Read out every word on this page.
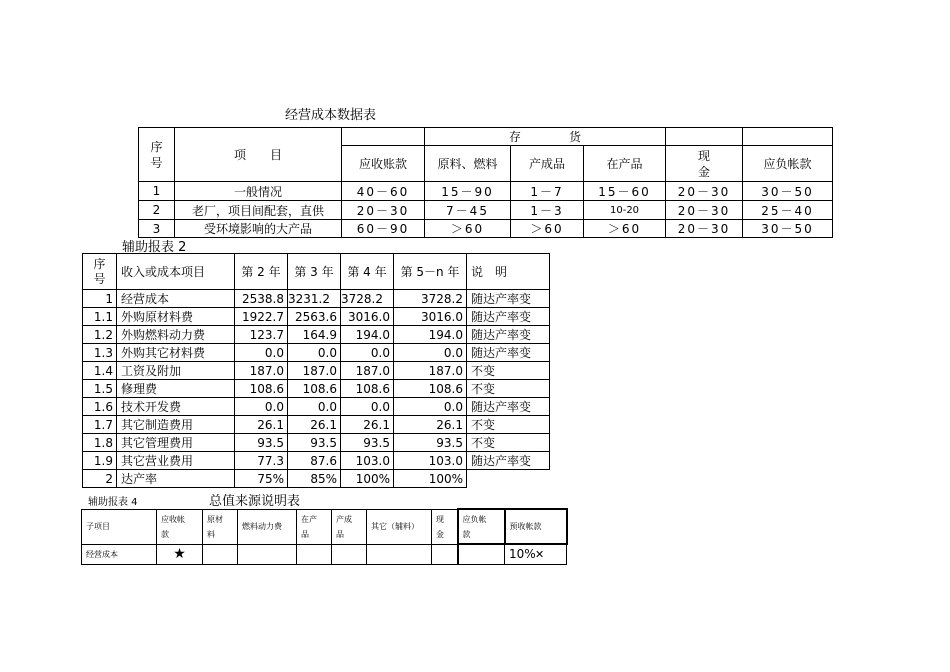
经营成本数据表
序
号	项　　目		存　　　　货				
		应收账款	原料、燃料	产成品	在产品	现
金	应负帐款
1	一般情况	40－60	15－90	1－7	15－60	20－30	30－50
2	老厂，项目间配套，直供	20－30	7－45	1－3	10-20	20－30	25－40
3	受环境影响的大产品	60－90	＞60	＞60	＞60	20－30	30－50
辅助报表 2
序
号	收入或成本项目	第 2 年	第 3 年	第 4 年	第 5－n 年	说　明
1	经营成本	2538.8	3231.2	3728.2	3728.2	随达产率变
1.1	外购原材料费	1922.7	2563.6	3016.0	3016.0	随达产率变
1.2	外购燃料动力费	123.7	164.9	194.0	194.0	随达产率变
1.3	外购其它材料费	0.0	0.0	0.0	0.0	随达产率变
1.4	工资及附加	187.0	187.0	187.0	187.0	不变
1.5	修理费	108.6	108.6	108.6	108.6	不变
1.6	技术开发费	0.0	0.0	0.0	0.0	随达产率变
1.7	其它制造费用	26.1	26.1	26.1	26.1	不变
1.8	其它管理费用	93.5	93.5	93.5	93.5	不变
1.9	其它营业费用	77.3	87.6	103.0	103.0	随达产率变
2	达产率	75%	85%	100%	100%	
辅助报表 4	总值来源说明表
子项目	应收帐
款	原材
料	燃料动力费	在产
品	产成
品	其它（辅料）	现
金	应负帐
款	预收帐款
经营成本	★								10% ✕
